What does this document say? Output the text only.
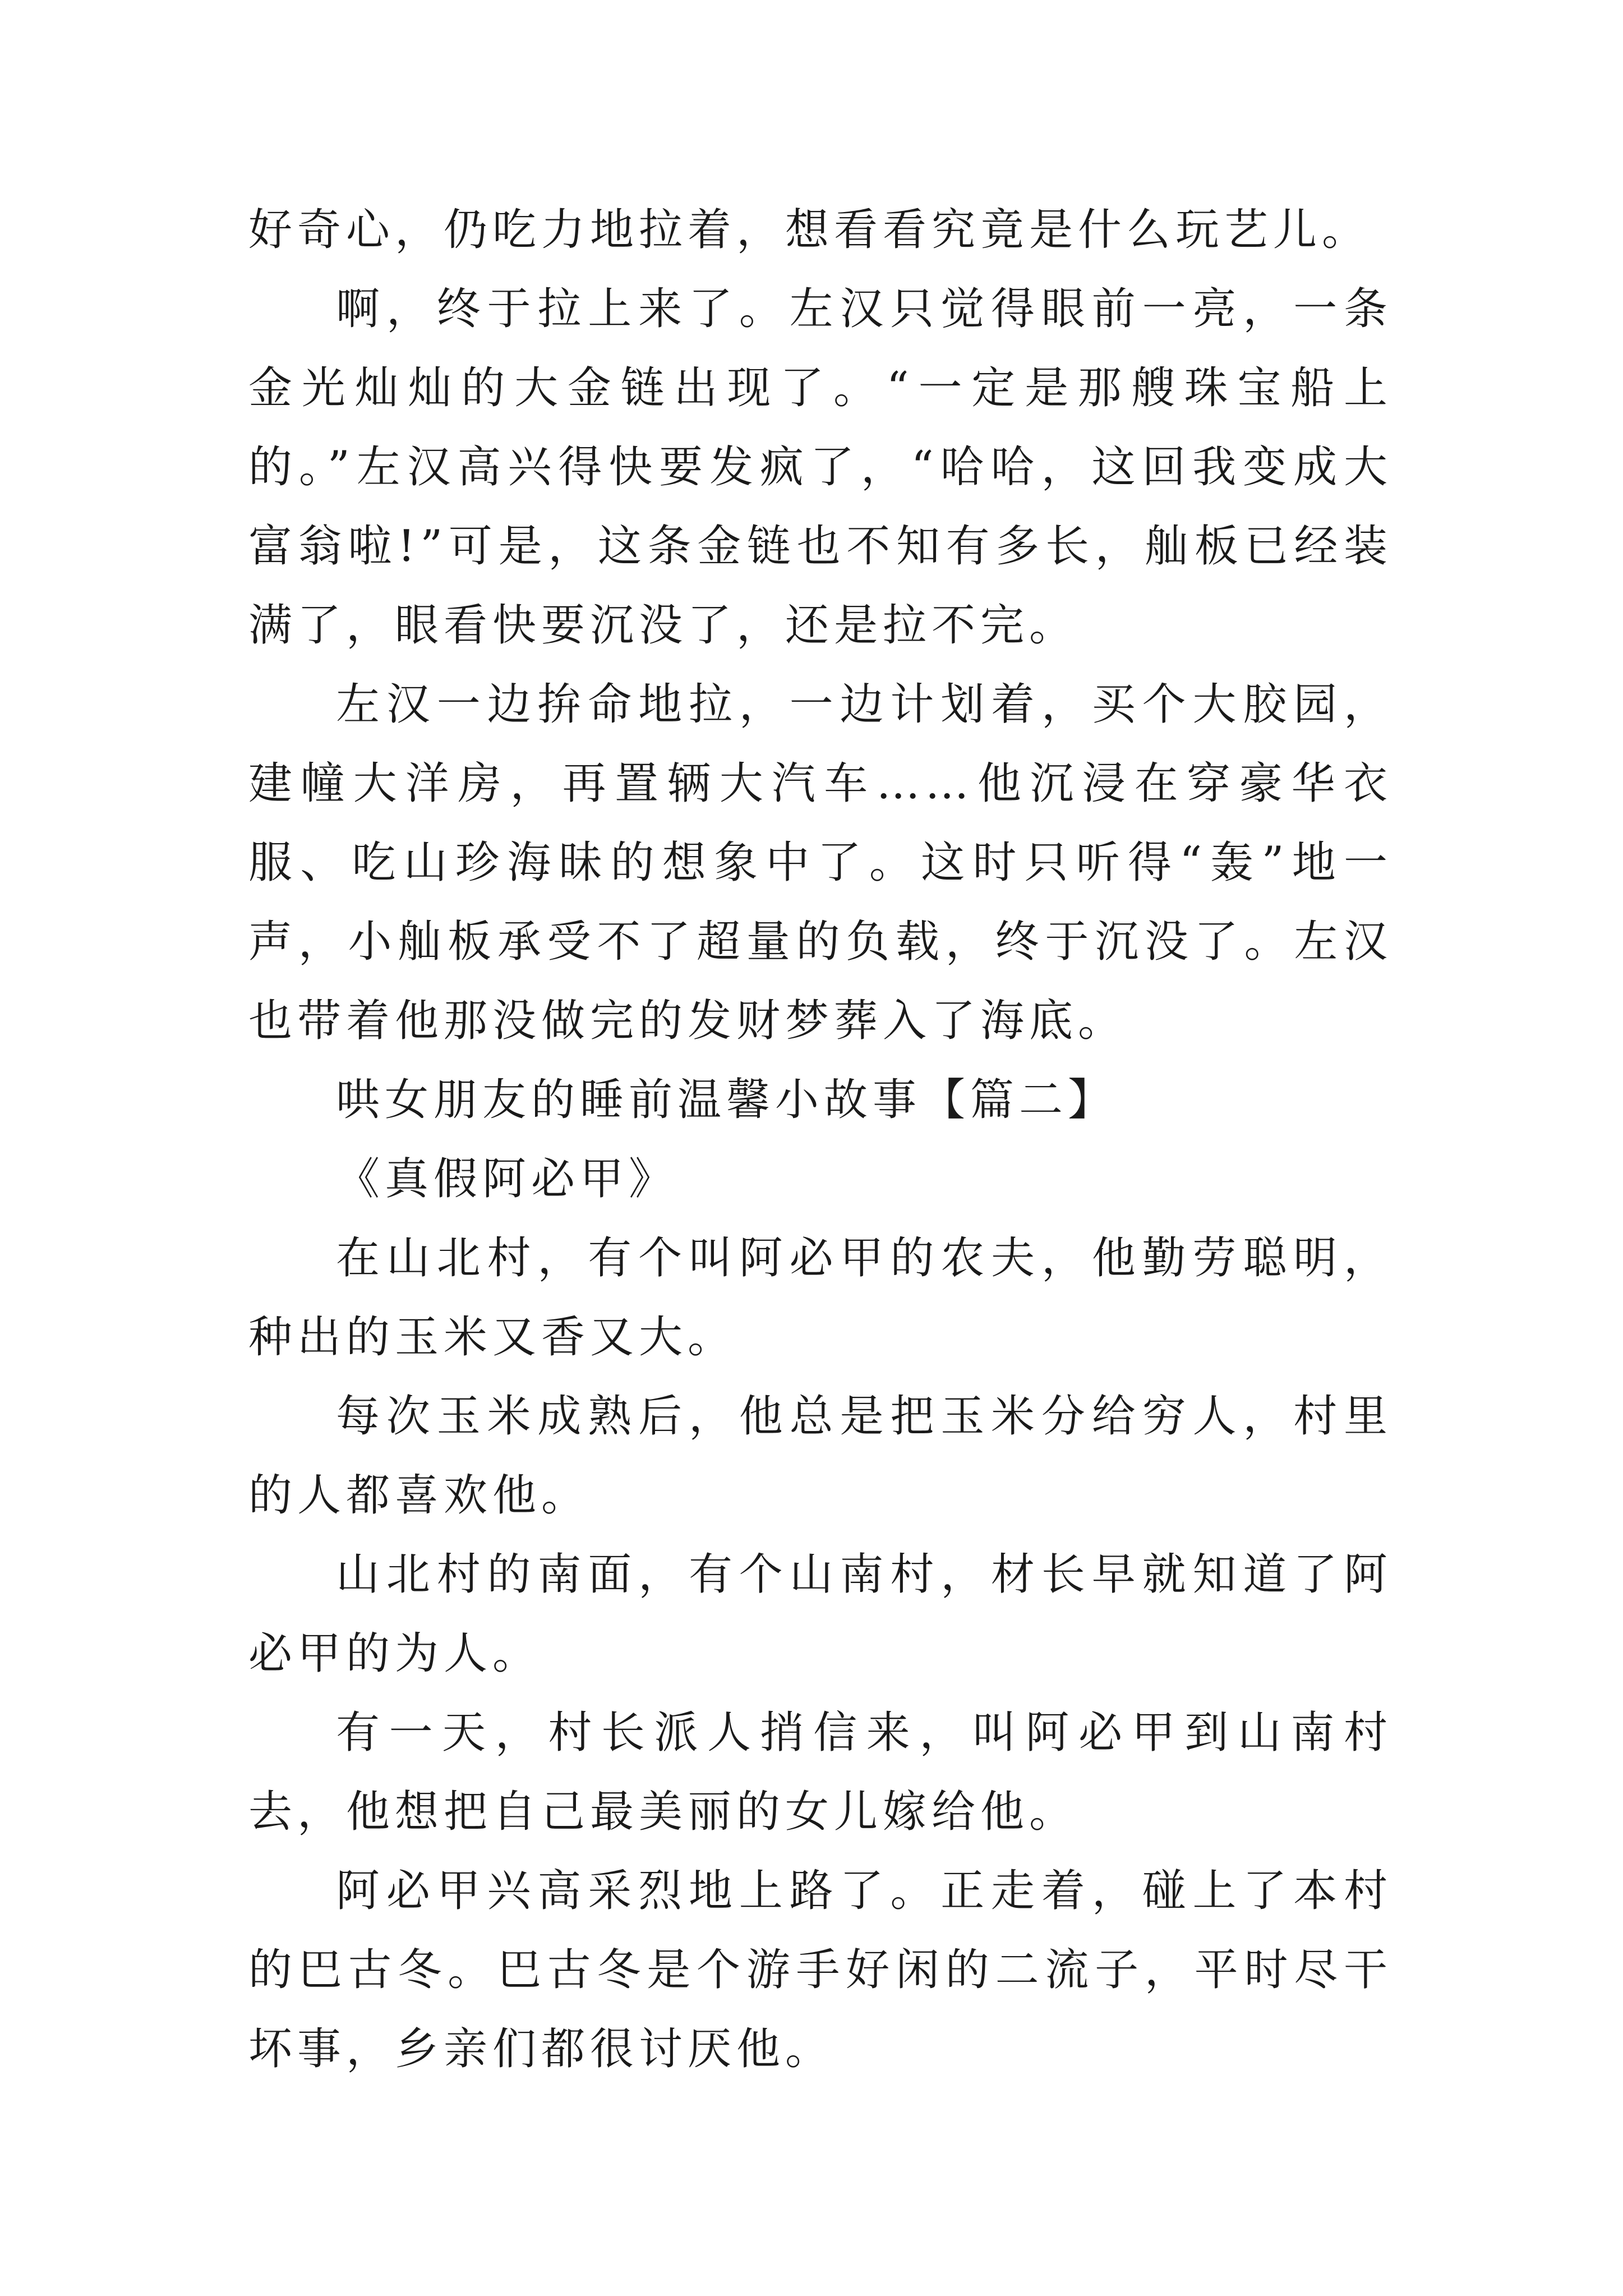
好奇心，仍吃力地拉着，想看看究竟是什么玩艺儿。

啊，终于拉上来了。左汉只觉得眼前一亮，一条金光灿灿的大金链出现了。“一定是那艘珠宝船上的。”左汉高兴得快要发疯了，“哈哈，这回我变成大富翁啦!”可是，这条金链也不知有多长，舢板已经装满了，眼看快要沉没了，还是拉不完。

左汉一边拚命地拉，一边计划着，买个大胶园，建幢大洋房，再置辆大汽车……他沉浸在穿豪华衣服、吃山珍海昧的想象中了。这时只听得“轰”地一声，小舢板承受不了超量的负载，终于沉没了。左汉也带着他那没做完的发财梦葬入了海底。

哄女朋友的睡前温馨小故事【篇二】

《真假阿必甲》

在山北村，有个叫阿必甲的农夫，他勤劳聪明，种出的玉米又香又大。

每次玉米成熟后，他总是把玉米分给穷人，村里的人都喜欢他。

山北村的南面，有个山南村，材长早就知道了阿必甲的为人。

有一天，村长派人捎信来，叫阿必甲到山南村去，他想把自己最美丽的女儿嫁给他。

阿必甲兴高采烈地上路了。正走着，碰上了本村的巴古冬。巴古冬是个游手好闲的二流子，平时尽干坏事，乡亲们都很讨厌他。
